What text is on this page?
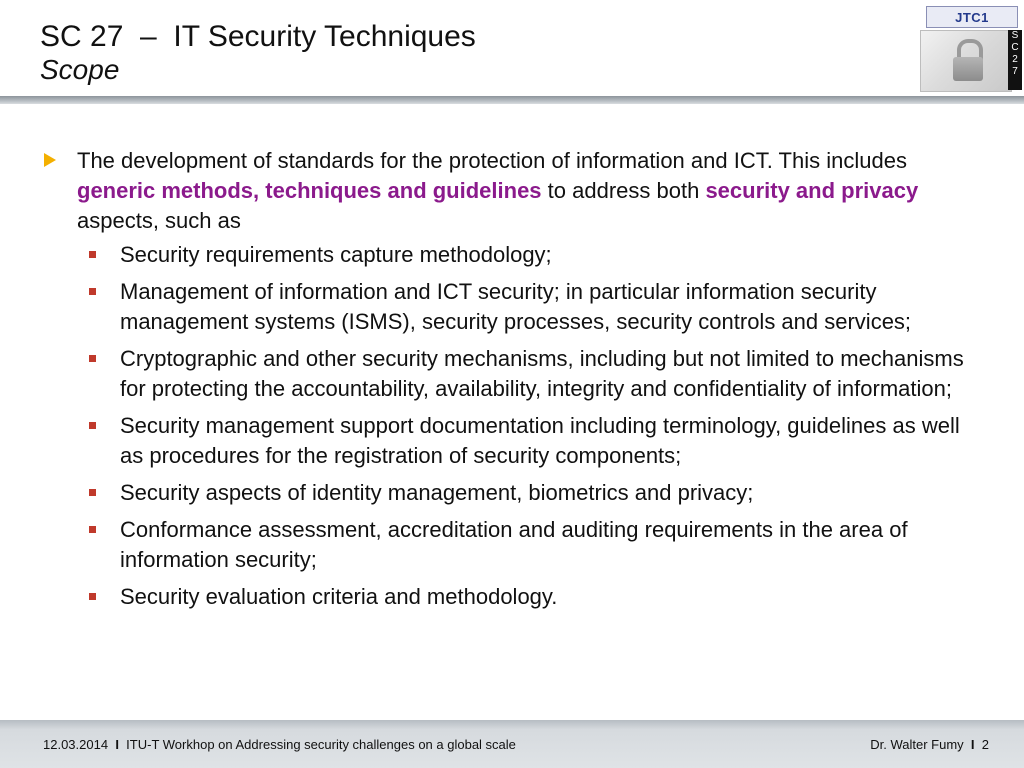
SC 27  –  IT Security Techniques
Scope
JTC1
S
C
2
7
The development of standards for the protection of information and ICT. This includes generic methods, techniques and guidelines to address both security and privacy aspects, such as
Security requirements capture methodology;
Management of information and ICT security; in particular information security management systems (ISMS), security processes, security controls and services;
Cryptographic and other security mechanisms, including but not limited to mechanisms for protecting the accountability, availability, integrity and confidentiality of information;
Security management support documentation including terminology, guidelines as well as procedures for the registration of security components;
Security aspects of identity management, biometrics and privacy;
Conformance assessment, accreditation and auditing requirements in the area of information security;
Security evaluation criteria and methodology.
12.03.2014 I ITU-T Workhop on Addressing security challenges on a global scale	Dr. Walter Fumy I 2
